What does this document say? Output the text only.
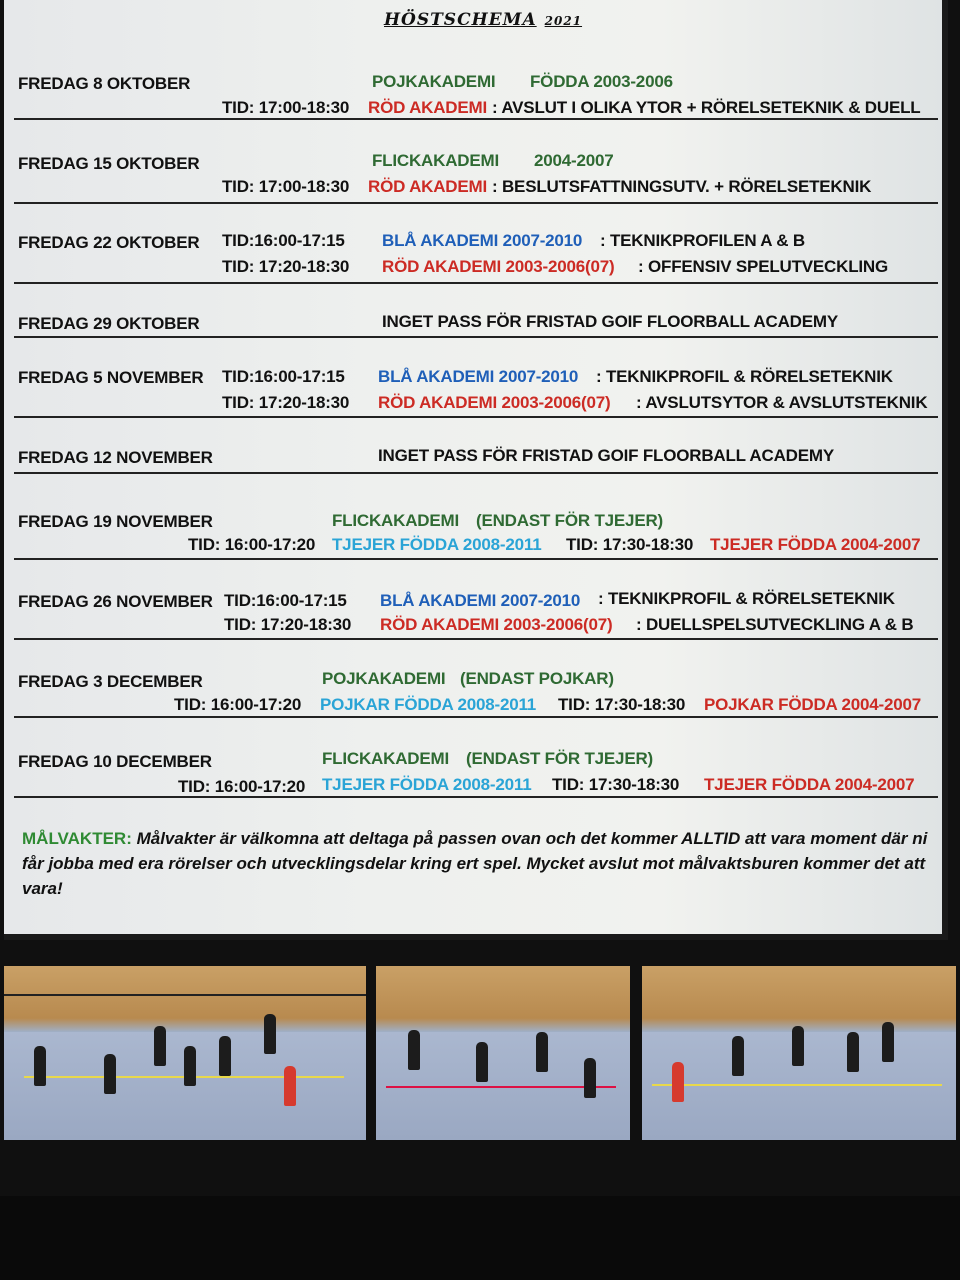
HÖSTSCHEMA 2021
FREDAG 8 OKTOBER	POJKAKADEMI FÖDDA 2003-2006
TID: 17:00-18:30 RÖD AKADEMI : AVSLUT I OLIKA YTOR + RÖRELSETEKNIK & DUELL
FREDAG 15 OKTOBER	FLICKAKADEMI 2004-2007
TID: 17:00-18:30 RÖD AKADEMI : BESLUTSFATTNINGSUTV. + RÖRELSETEKNIK
FREDAG 22 OKTOBER TID:16:00-17:15 BLÅ AKADEMI 2007-2010 : TEKNIKPROFILEN A & B
TID: 17:20-18:30 RÖD AKADEMI 2003-2006(07) : OFFENSIV SPELUTVECKLING
FREDAG 29 OKTOBER	INGET PASS FÖR FRISTAD GOIF FLOORBALL ACADEMY
FREDAG 5 NOVEMBER TID:16:00-17:15 BLÅ AKADEMI 2007-2010 : TEKNIKPROFIL & RÖRELSETEKNIK
TID: 17:20-18:30 RÖD AKADEMI 2003-2006(07) : AVSLUTSYTOR & AVSLUTSTEKNIK
FREDAG 12 NOVEMBER	INGET PASS FÖR FRISTAD GOIF FLOORBALL ACADEMY
FREDAG 19 NOVEMBER	FLICKAKADEMI (ENDAST FÖR TJEJER)
TID: 16:00-17:20 TJEJER FÖDDA 2008-2011 TID: 17:30-18:30 TJEJER FÖDDA 2004-2007
FREDAG 26 NOVEMBER TID:16:00-17:15 BLÅ AKADEMI 2007-2010 : TEKNIKPROFIL & RÖRELSETEKNIK
TID: 17:20-18:30 RÖD AKADEMI 2003-2006(07) : DUELLSPELSUTVECKLING A & B
FREDAG 3 DECEMBER	POJKAKADEMI (ENDAST POJKAR)
TID: 16:00-17:20 POJKAR FÖDDA 2008-2011 TID: 17:30-18:30 POJKAR FÖDDA 2004-2007
FREDAG 10 DECEMBER	FLICKAKADEMI (ENDAST FÖR TJEJER)
TID: 16:00-17:20 TJEJER FÖDDA 2008-2011 TID: 17:30-18:30 TJEJER FÖDDA 2004-2007
MÅLVAKTER: Målvakter är välkomna att deltaga på passen ovan och det kommer ALLTID att vara moment där ni får jobba med era rörelser och utvecklingsdelar kring ert spel. Mycket avslut mot målvaktsburen kommer det att vara!
